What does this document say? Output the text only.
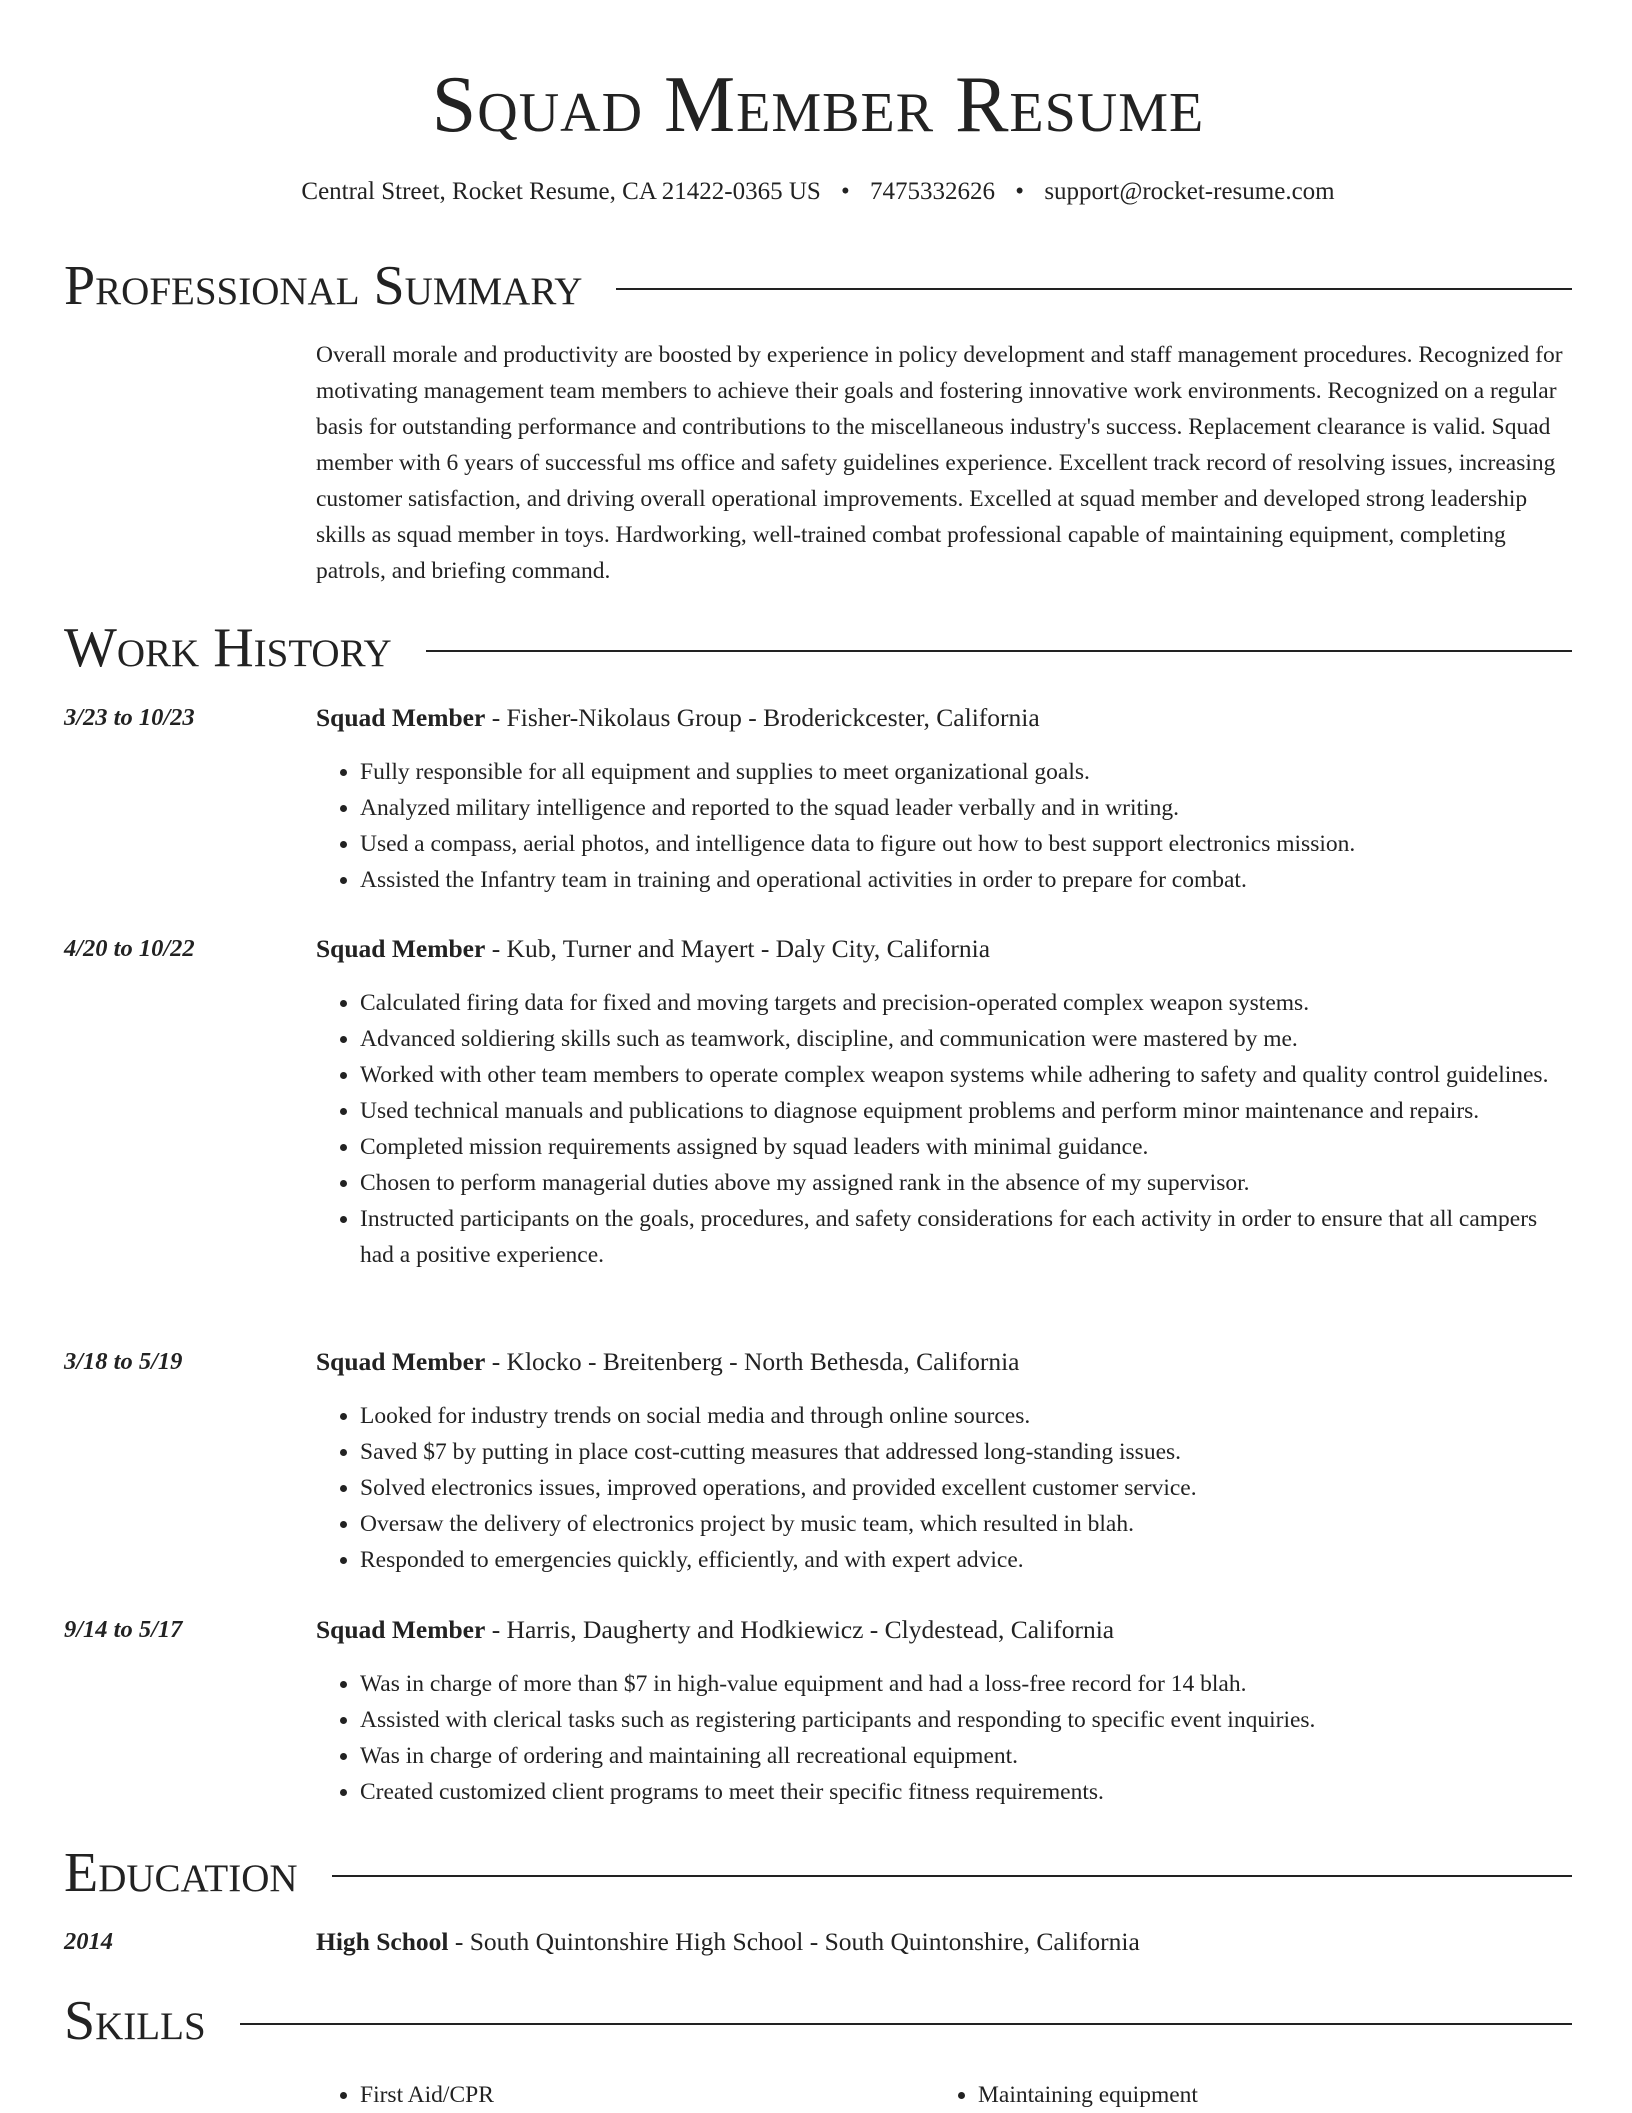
Squad Member Resume
Central Street, Rocket Resume, CA 21422-0365 US • 7475332626 • support@rocket-resume.com
Professional Summary

Overall morale and productivity are boosted by experience in policy development and staff management procedures. Recognized for motivating management team members to achieve their goals and fostering innovative work environments. Recognized on a regular basis for outstanding performance and contributions to the miscellaneous industry's success. Replacement clearance is valid. Squad member with 6 years of successful ms office and safety guidelines experience. Excellent track record of resolving issues, increasing customer satisfaction, and driving overall operational improvements. Excelled at squad member and developed strong leadership skills as squad member in toys. Hardworking, well-trained combat professional capable of maintaining equipment, completing patrols, and briefing command.

Work History
3/23 to 10/23	Squad Member - Fisher-Nikolaus Group - Broderickcester, California
• Fully responsible for all equipment and supplies to meet organizational goals.
• Analyzed military intelligence and reported to the squad leader verbally and in writing.
• Used a compass, aerial photos, and intelligence data to figure out how to best support electronics mission.
• Assisted the Infantry team in training and operational activities in order to prepare for combat.
4/20 to 10/22	Squad Member - Kub, Turner and Mayert - Daly City, California
• Calculated firing data for fixed and moving targets and precision-operated complex weapon systems.
• Advanced soldiering skills such as teamwork, discipline, and communication were mastered by me.
• Worked with other team members to operate complex weapon systems while adhering to safety and quality control guidelines.
• Used technical manuals and publications to diagnose equipment problems and perform minor maintenance and repairs.
• Completed mission requirements assigned by squad leaders with minimal guidance.
• Chosen to perform managerial duties above my assigned rank in the absence of my supervisor.
• Instructed participants on the goals, procedures, and safety considerations for each activity in order to ensure that all campers had a positive experience.
3/18 to 5/19	Squad Member - Klocko - Breitenberg - North Bethesda, California
• Looked for industry trends on social media and through online sources.
• Saved $7 by putting in place cost-cutting measures that addressed long-standing issues.
• Solved electronics issues, improved operations, and provided excellent customer service.
• Oversaw the delivery of electronics project by music team, which resulted in blah.
• Responded to emergencies quickly, efficiently, and with expert advice.
9/14 to 5/17	Squad Member - Harris, Daugherty and Hodkiewicz - Clydestead, California
• Was in charge of more than $7 in high-value equipment and had a loss-free record for 14 blah.
• Assisted with clerical tasks such as registering participants and responding to specific event inquiries.
• Was in charge of ordering and maintaining all recreational equipment.
• Created customized client programs to meet their specific fitness requirements.
Education
2014	High School - South Quintonshire High School - South Quintonshire, California
Skills
• First Aid/CPR
•	Maintaining equipment
